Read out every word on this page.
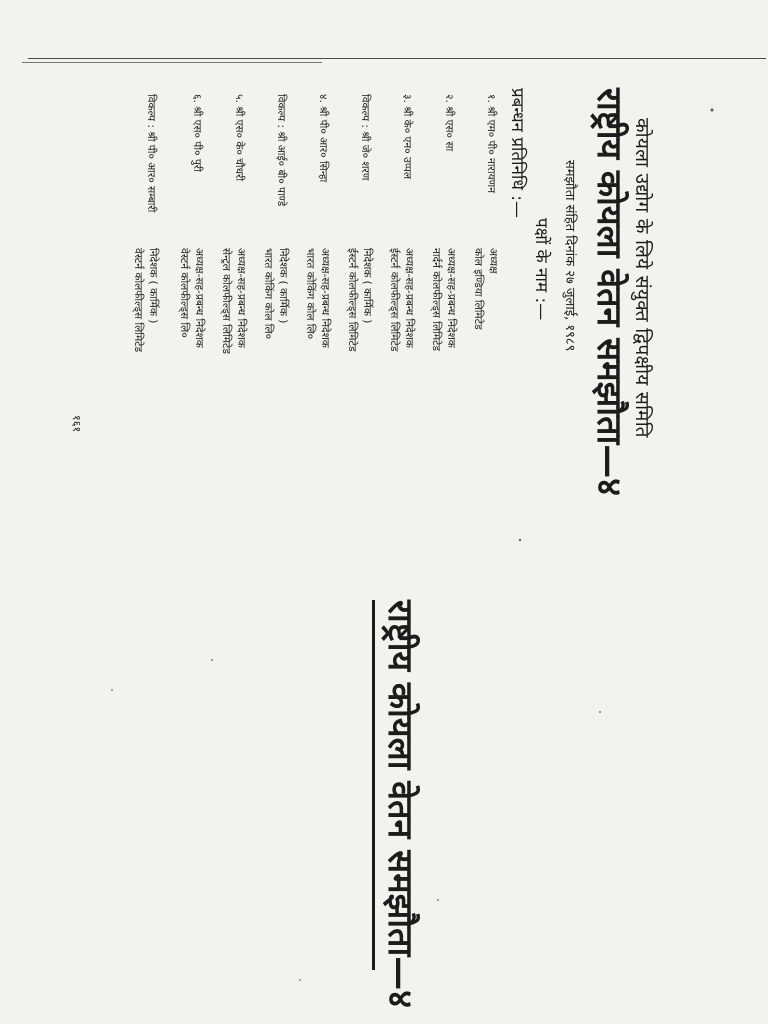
कोयला उद्योग के लिये संयुक्त द्विपक्षीय समिति

राष्ट्रीय कोयला वेतन समझौता—४

समझौता संहित दिनांक २७ जुलाई, १९८९

पक्षों के नाम :—

प्रबन्धन प्रतिनिधि :—

१. श्री एम० पी० नारायणन
अध्यक्ष
कोल इण्डिया लिमिटेड
२. श्री एस० सा
अध्यक्ष-सह-प्रबन्ध निदेशक
नार्दर्न कोलफील्ड्स लिमिटेड
३. श्री के० एन० उप्पल
अध्यक्ष-सह-प्रबन्ध निदेशक
ईस्टर्न कोलफील्ड्स लिमिटेड
विकल्प : श्री जे० शरण
निदेशक ( कार्मिक )
ईस्टर्न कोलफील्ड्स लिमिटेड
४. श्री पी० आर० सिन्हा
अध्यक्ष-सह-प्रबन्ध निदेशक
भारत कोकिंग कोल लि०
विकल्प : श्री आई० बी० पाण्डे
निदेशक ( कार्मिक )
भारत कोकिंग कोल लि०
५. श्री एस० के० चौधरी
अध्यक्ष-सह-प्रबन्ध निदेशक
सेन्ट्रल कोलफील्ड्स लिमिटेड
६. श्री एस० पी० पुरी
अध्यक्ष-सह-प्रबन्ध निदेशक
वेस्टर्न कोलफील्ड्स लि०
विकल्प : श्री पी० आर० सम्बारी
निदेशक ( कार्मिक )
वेस्टर्न कोलफील्ड्स लिमिटेड
१६१
राष्ट्रीय कोयला वेतन समझौता—४
